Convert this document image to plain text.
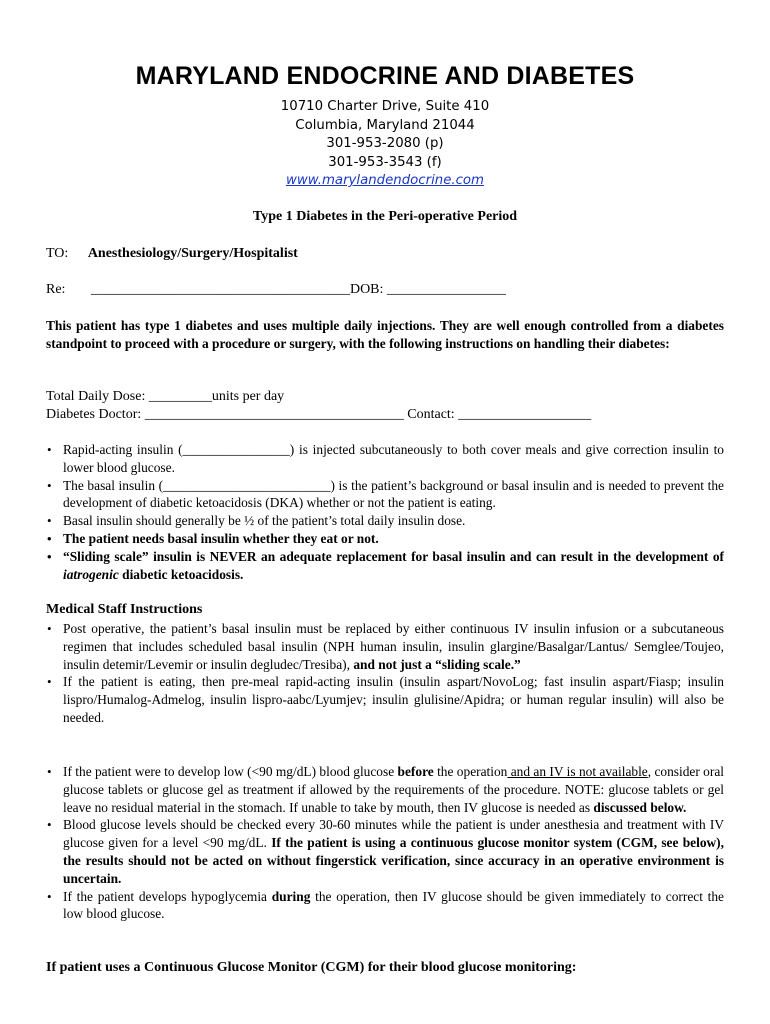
MARYLAND ENDOCRINE AND DIABETES
10710 Charter Drive, Suite 410
Columbia, Maryland 21044
301-953-2080 (p)
301-953-3543 (f)
www.marylandendocrine.com
Type 1 Diabetes in the Peri-operative Period
TO: Anesthesiology/Surgery/Hospitalist
Re: _____________________________________DOB: _________________
This patient has type 1 diabetes and uses multiple daily injections. They are well enough controlled from a diabetes standpoint to proceed with a procedure or surgery, with the following instructions on handling their diabetes:
Total Daily Dose: _________units per day
Diabetes Doctor: _____________________________________ Contact: ___________________
• Rapid-acting insulin (________________) is injected subcutaneously to both cover meals and give correction insulin to lower blood glucose.
• The basal insulin (_________________________) is the patient’s background or basal insulin and is needed to prevent the development of diabetic ketoacidosis (DKA) whether or not the patient is eating.
• Basal insulin should generally be ½ of the patient’s total daily insulin dose.
• The patient needs basal insulin whether they eat or not.
• “Sliding scale” insulin is NEVER an adequate replacement for basal insulin and can result in the development of iatrogenic diabetic ketoacidosis.
Medical Staff Instructions
• Post operative, the patient’s basal insulin must be replaced by either continuous IV insulin infusion or a subcutaneous regimen that includes scheduled basal insulin (NPH human insulin, insulin glargine/Basalgar/Lantus/ Semglee/Toujeo, insulin detemir/Levemir or insulin degludec/Tresiba), and not just a “sliding scale.”
• If the patient is eating, then pre-meal rapid-acting insulin (insulin aspart/NovoLog; fast insulin aspart/Fiasp; insulin lispro/Humalog-Admelog, insulin lispro-aabc/Lyumjev; insulin glulisine/Apidra; or human regular insulin) will also be needed.
• If the patient were to develop low (<90 mg/dL) blood glucose before the operation and an IV is not available, consider oral glucose tablets or glucose gel as treatment if allowed by the requirements of the procedure. NOTE: glucose tablets or gel leave no residual material in the stomach. If unable to take by mouth, then IV glucose is needed as discussed below.
• Blood glucose levels should be checked every 30-60 minutes while the patient is under anesthesia and treatment with IV glucose given for a level <90 mg/dL. If the patient is using a continuous glucose monitor system (CGM, see below), the results should not be acted on without fingerstick verification, since accuracy in an operative environment is uncertain.
• If the patient develops hypoglycemia during the operation, then IV glucose should be given immediately to correct the low blood glucose.
If patient uses a Continuous Glucose Monitor (CGM) for their blood glucose monitoring:
